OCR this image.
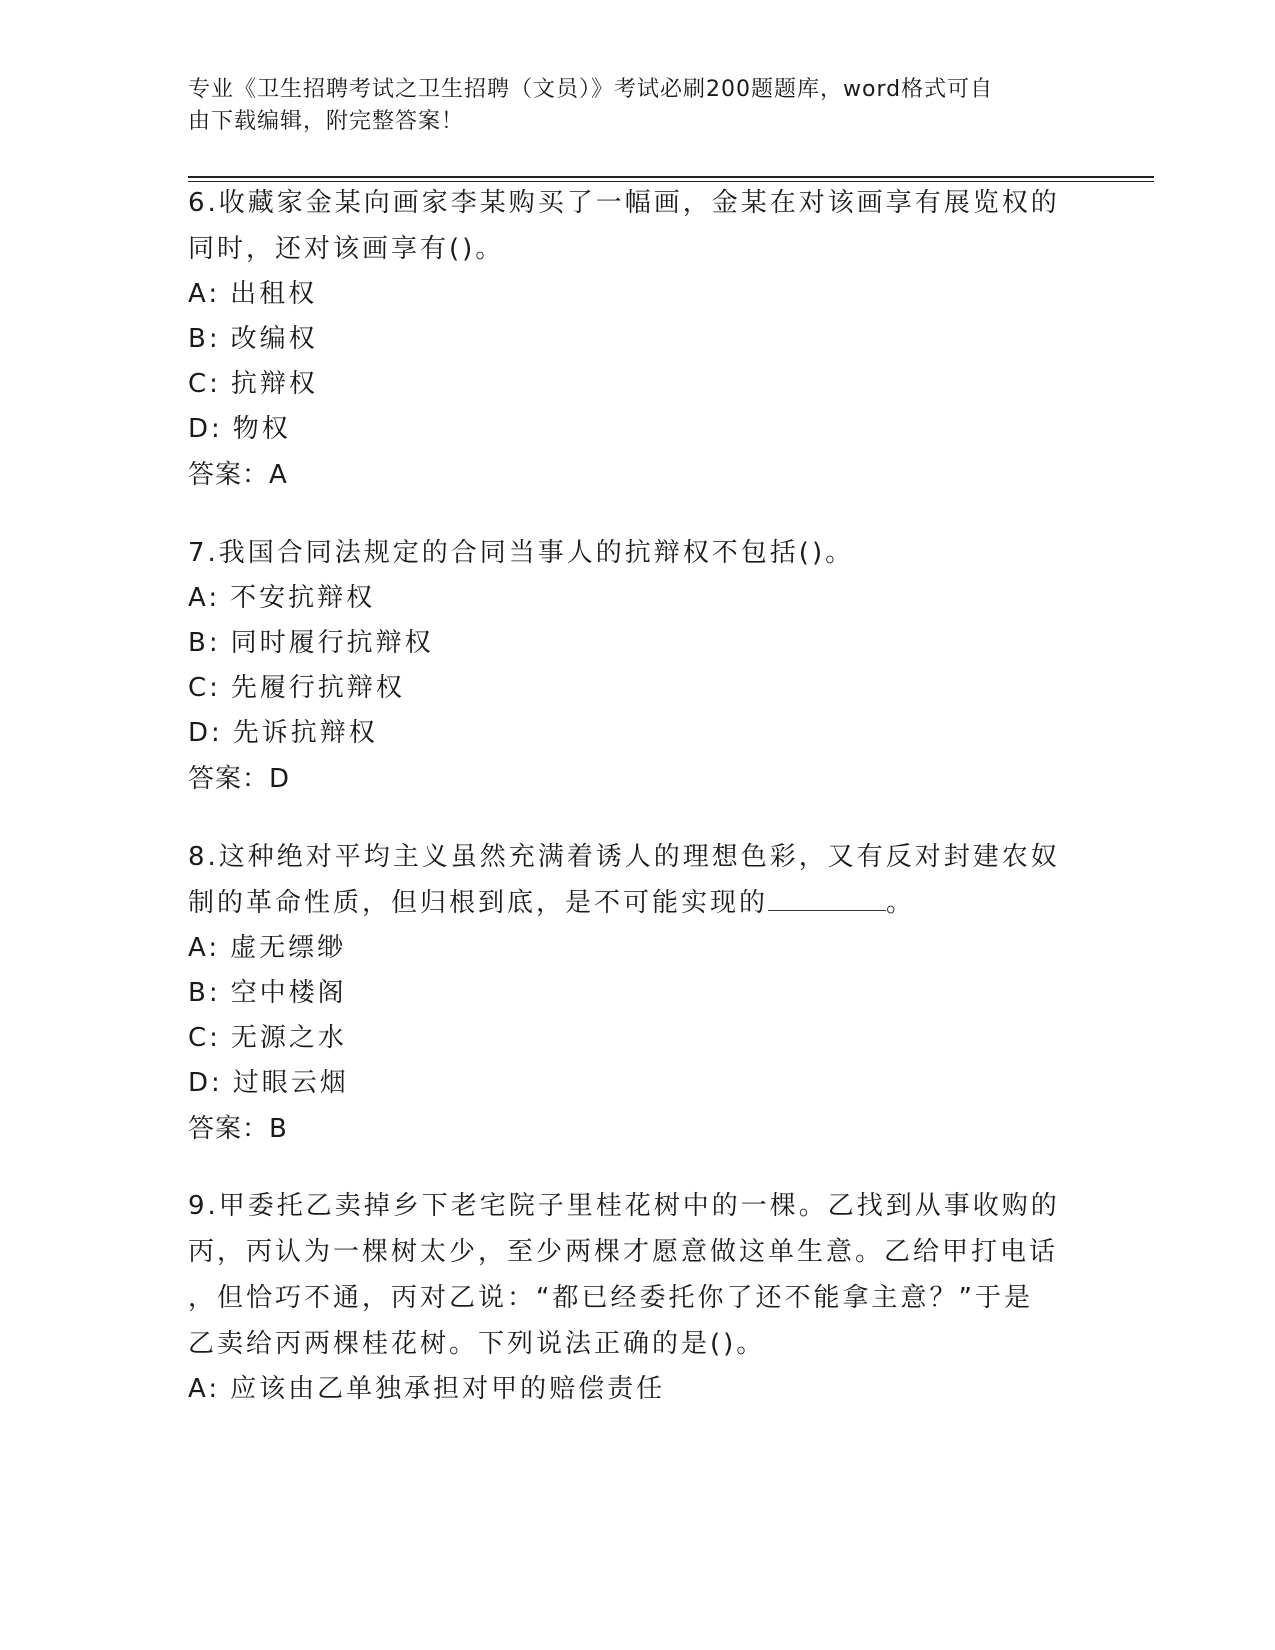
专业《卫生招聘考试之卫生招聘（文员）》考试必刷200题题库，word格式可自
由下载编辑，附完整答案！
6.收藏家金某向画家李某购买了一幅画，金某在对该画享有展览权的
同时，还对该画享有()。
A: 出租权
B: 改编权
C: 抗辩权
D: 物权
答案：A
7.我国合同法规定的合同当事人的抗辩权不包括()。
A: 不安抗辩权
B: 同时履行抗辩权
C: 先履行抗辩权
D: 先诉抗辩权
答案：D
8.这种绝对平均主义虽然充满着诱人的理想色彩，又有反对封建农奴
制的革命性质，但归根到底，是不可能实现的	。
A: 虚无缥缈
B: 空中楼阁
C: 无源之水
D: 过眼云烟
答案：B
9.甲委托乙卖掉乡下老宅院子里桂花树中的一棵。乙找到从事收购的
丙，丙认为一棵树太少，至少两棵才愿意做这单生意。乙给甲打电话
，但恰巧不通，丙对乙说：“都已经委托你了还不能拿主意？”于是
乙卖给丙两棵桂花树。下列说法正确的是()。
A: 应该由乙单独承担对甲的赔偿责任
